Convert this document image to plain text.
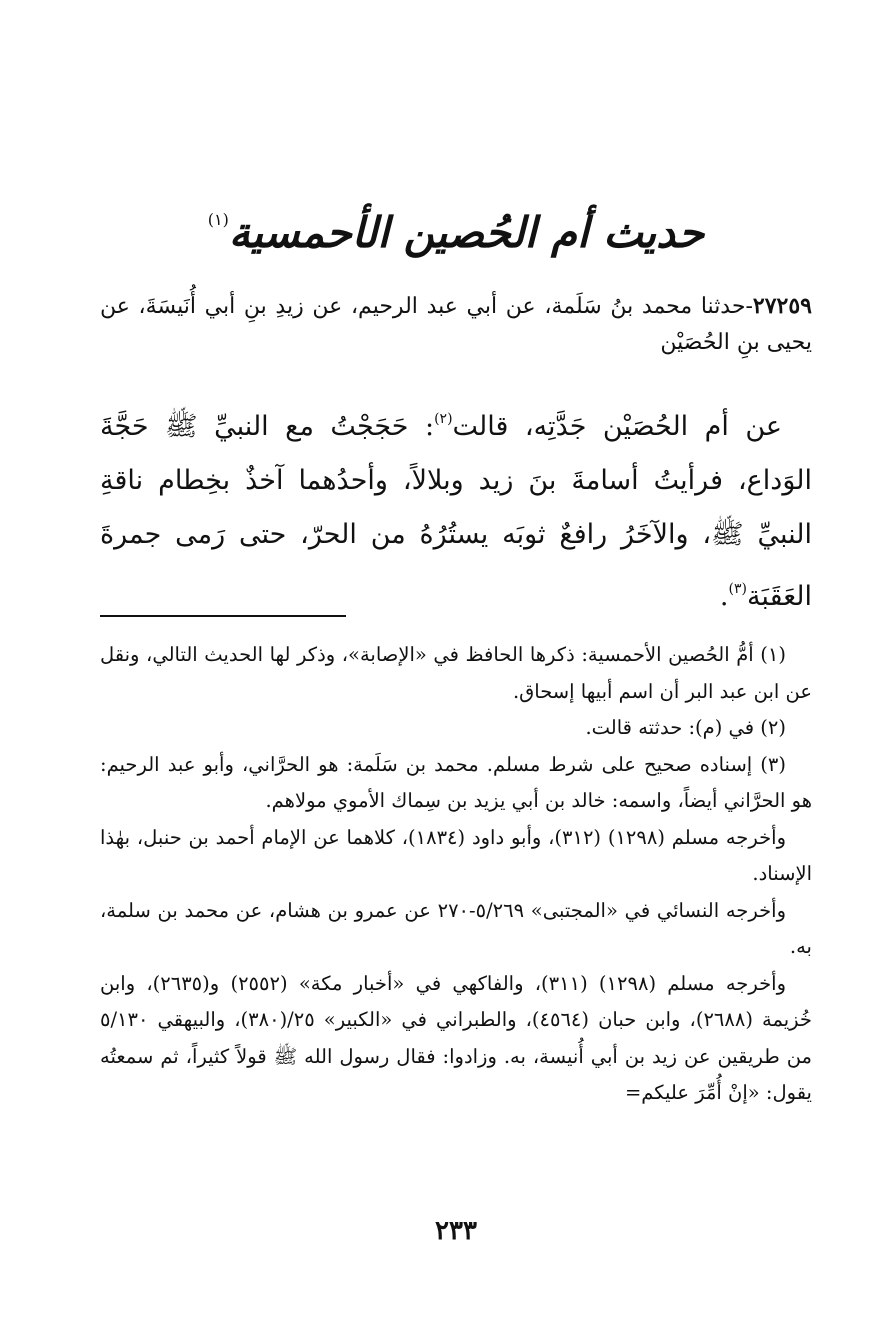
حديث أم الحُصين الأحمسية$^{(١)}$

٢٧٢٥٩-حدثنا محمد بنُ سَلَمة، عن أبي عبد الرحيم، عن زيدِ بنِ أبي أُنَيسَةَ، عن يحيى بنِ الحُصَيْن

عن أم الحُصَيْن جَدَّتِه، قالت$^{(٢)}$: حَجَجْتُ مع النبيِّ ﷺ حَجَّةَ الوَداع، فرأيتُ أسامةَ بنَ زيد وبلالاً، وأحدُهما آخذٌ بخِطام ناقةِ النبيِّ ﷺ، والآخَرُ رافعٌ ثوبَه يستُرُهُ من الحرّ، حتى رَمى جمرةَ العَقَبَة$^{(٣)}$.

(١) أمُّ الحُصين الأحمسية: ذكرها الحافظ في «الإصابة»، وذكر لها الحديث التالي، ونقل عن ابن عبد البر أن اسم أبيها إسحاق.

(٢) في (م): حدثته قالت.

(٣) إسناده صحيح على شرط مسلم. محمد بن سَلَمة: هو الحرَّاني، وأبو عبد الرحيم: هو الحرَّاني أيضاً، واسمه: خالد بن أبي يزيد بن سِماك الأموي مولاهم.

وأخرجه مسلم (١٢٩٨) (٣١٢)، وأبو داود (١٨٣٤)، كلاهما عن الإمام أحمد بن حنبل، بهٰذا الإسناد.

وأخرجه النسائي في «المجتبى» ٥/٢٦٩-٢٧٠ عن عمرو بن هشام، عن محمد بن سلمة، به.

وأخرجه مسلم (١٢٩٨) (٣١١)، والفاكهي في «أخبار مكة» (٢٥٥٢) و(٢٦٣٥)، وابن خُزيمة (٢٦٨٨)، وابن حبان (٤٥٦٤)، والطبراني في «الكبير» ٢٥/(٣٨٠)، والبيهقي ٥/١٣٠ من طريقين عن زيد بن أبي أُنيسة، به. وزادوا: فقال رسول الله ﷺ قولاً كثيراً، ثم سمعتُه يقول: «إنْ أُمِّرَ عليكم=

٢٣٣
